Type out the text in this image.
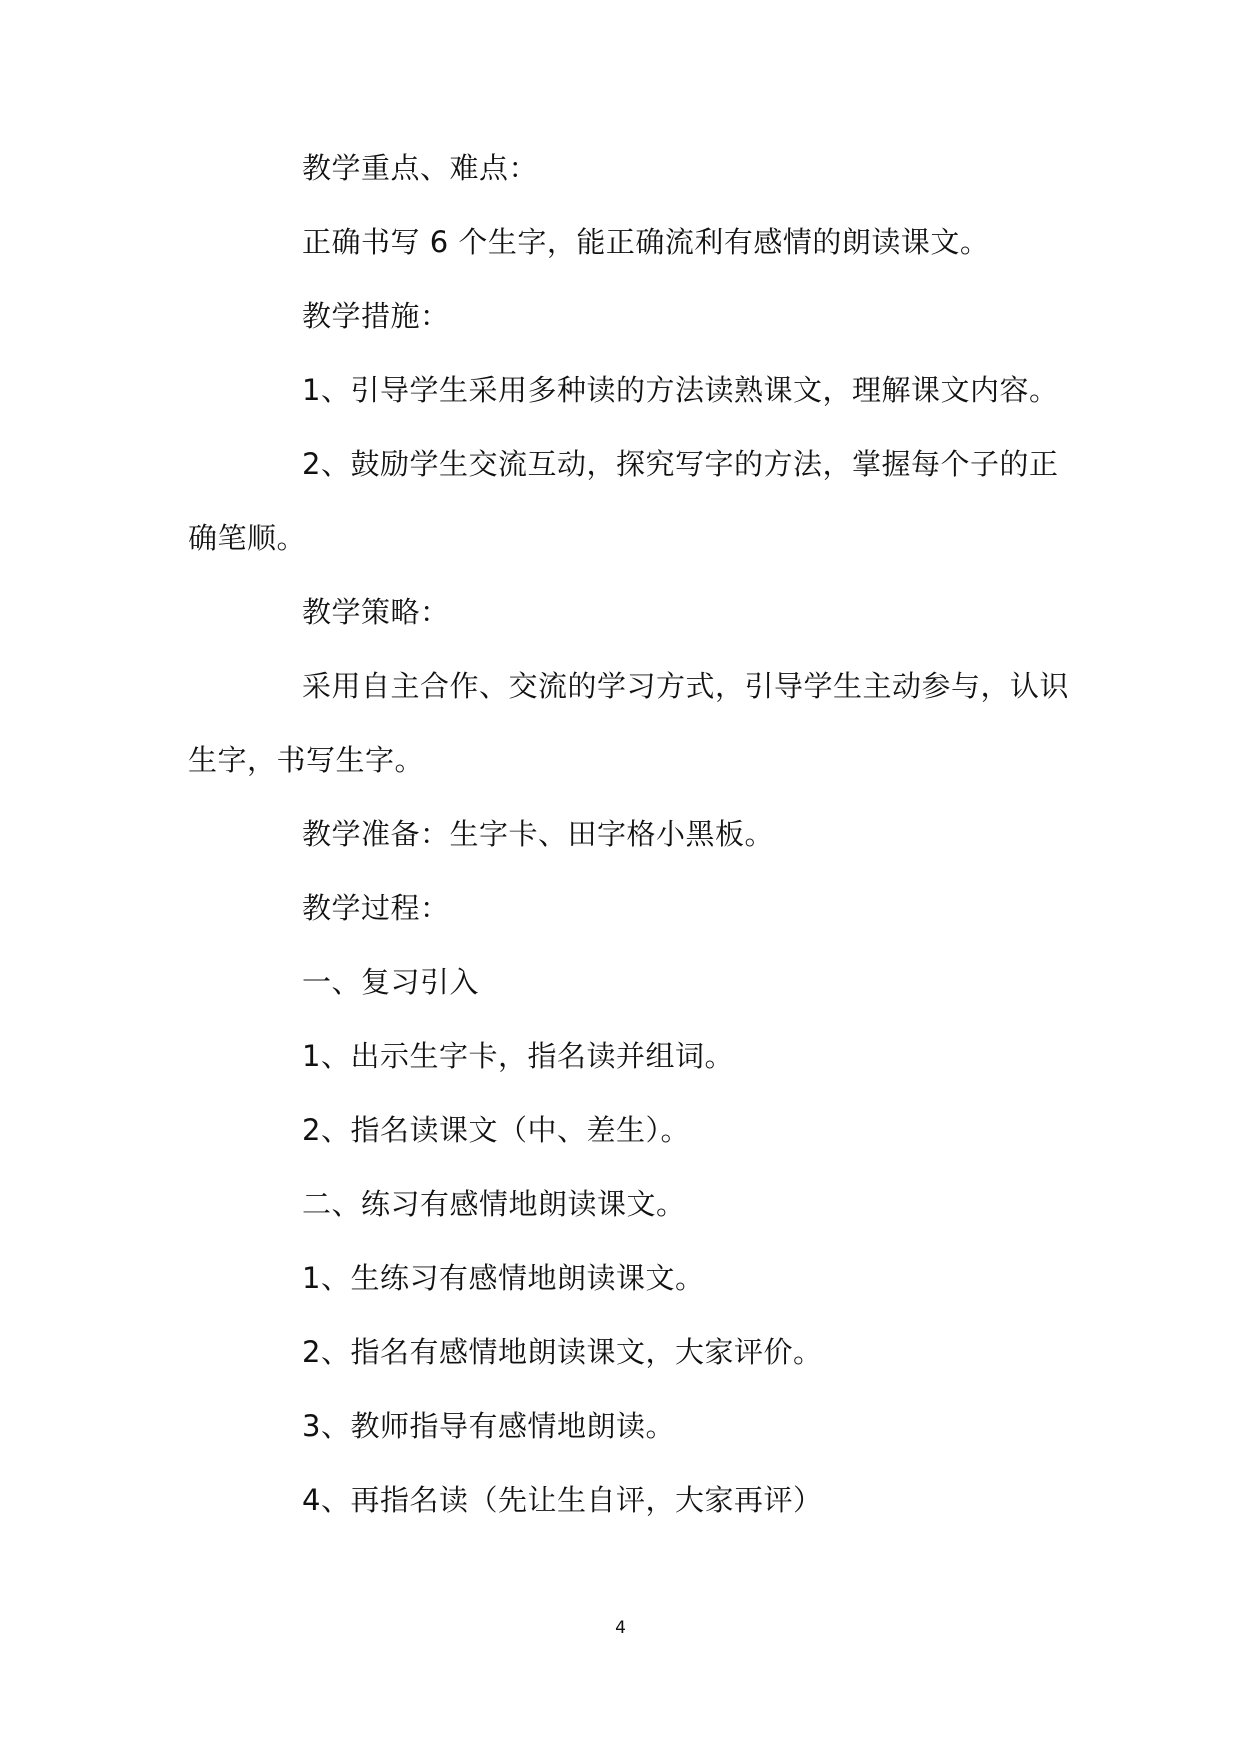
教学重点、难点：
正确书写 6 个生字，能正确流利有感情的朗读课文。
教学措施：
1、引导学生采用多种读的方法读熟课文，理解课文内容。
2、鼓励学生交流互动，探究写字的方法，掌握每个子的正
确笔顺。
教学策略：
采用自主合作、交流的学习方式，引导学生主动参与，认识
生字，书写生字。
教学准备：生字卡、田字格小黑板。
教学过程：
一、复习引入
1、出示生字卡，指名读并组词。
2、指名读课文（中、差生）。
二、练习有感情地朗读课文。
1、生练习有感情地朗读课文。
2、指名有感情地朗读课文，大家评价。
3、教师指导有感情地朗读。
4、再指名读（先让生自评，大家再评）
4
